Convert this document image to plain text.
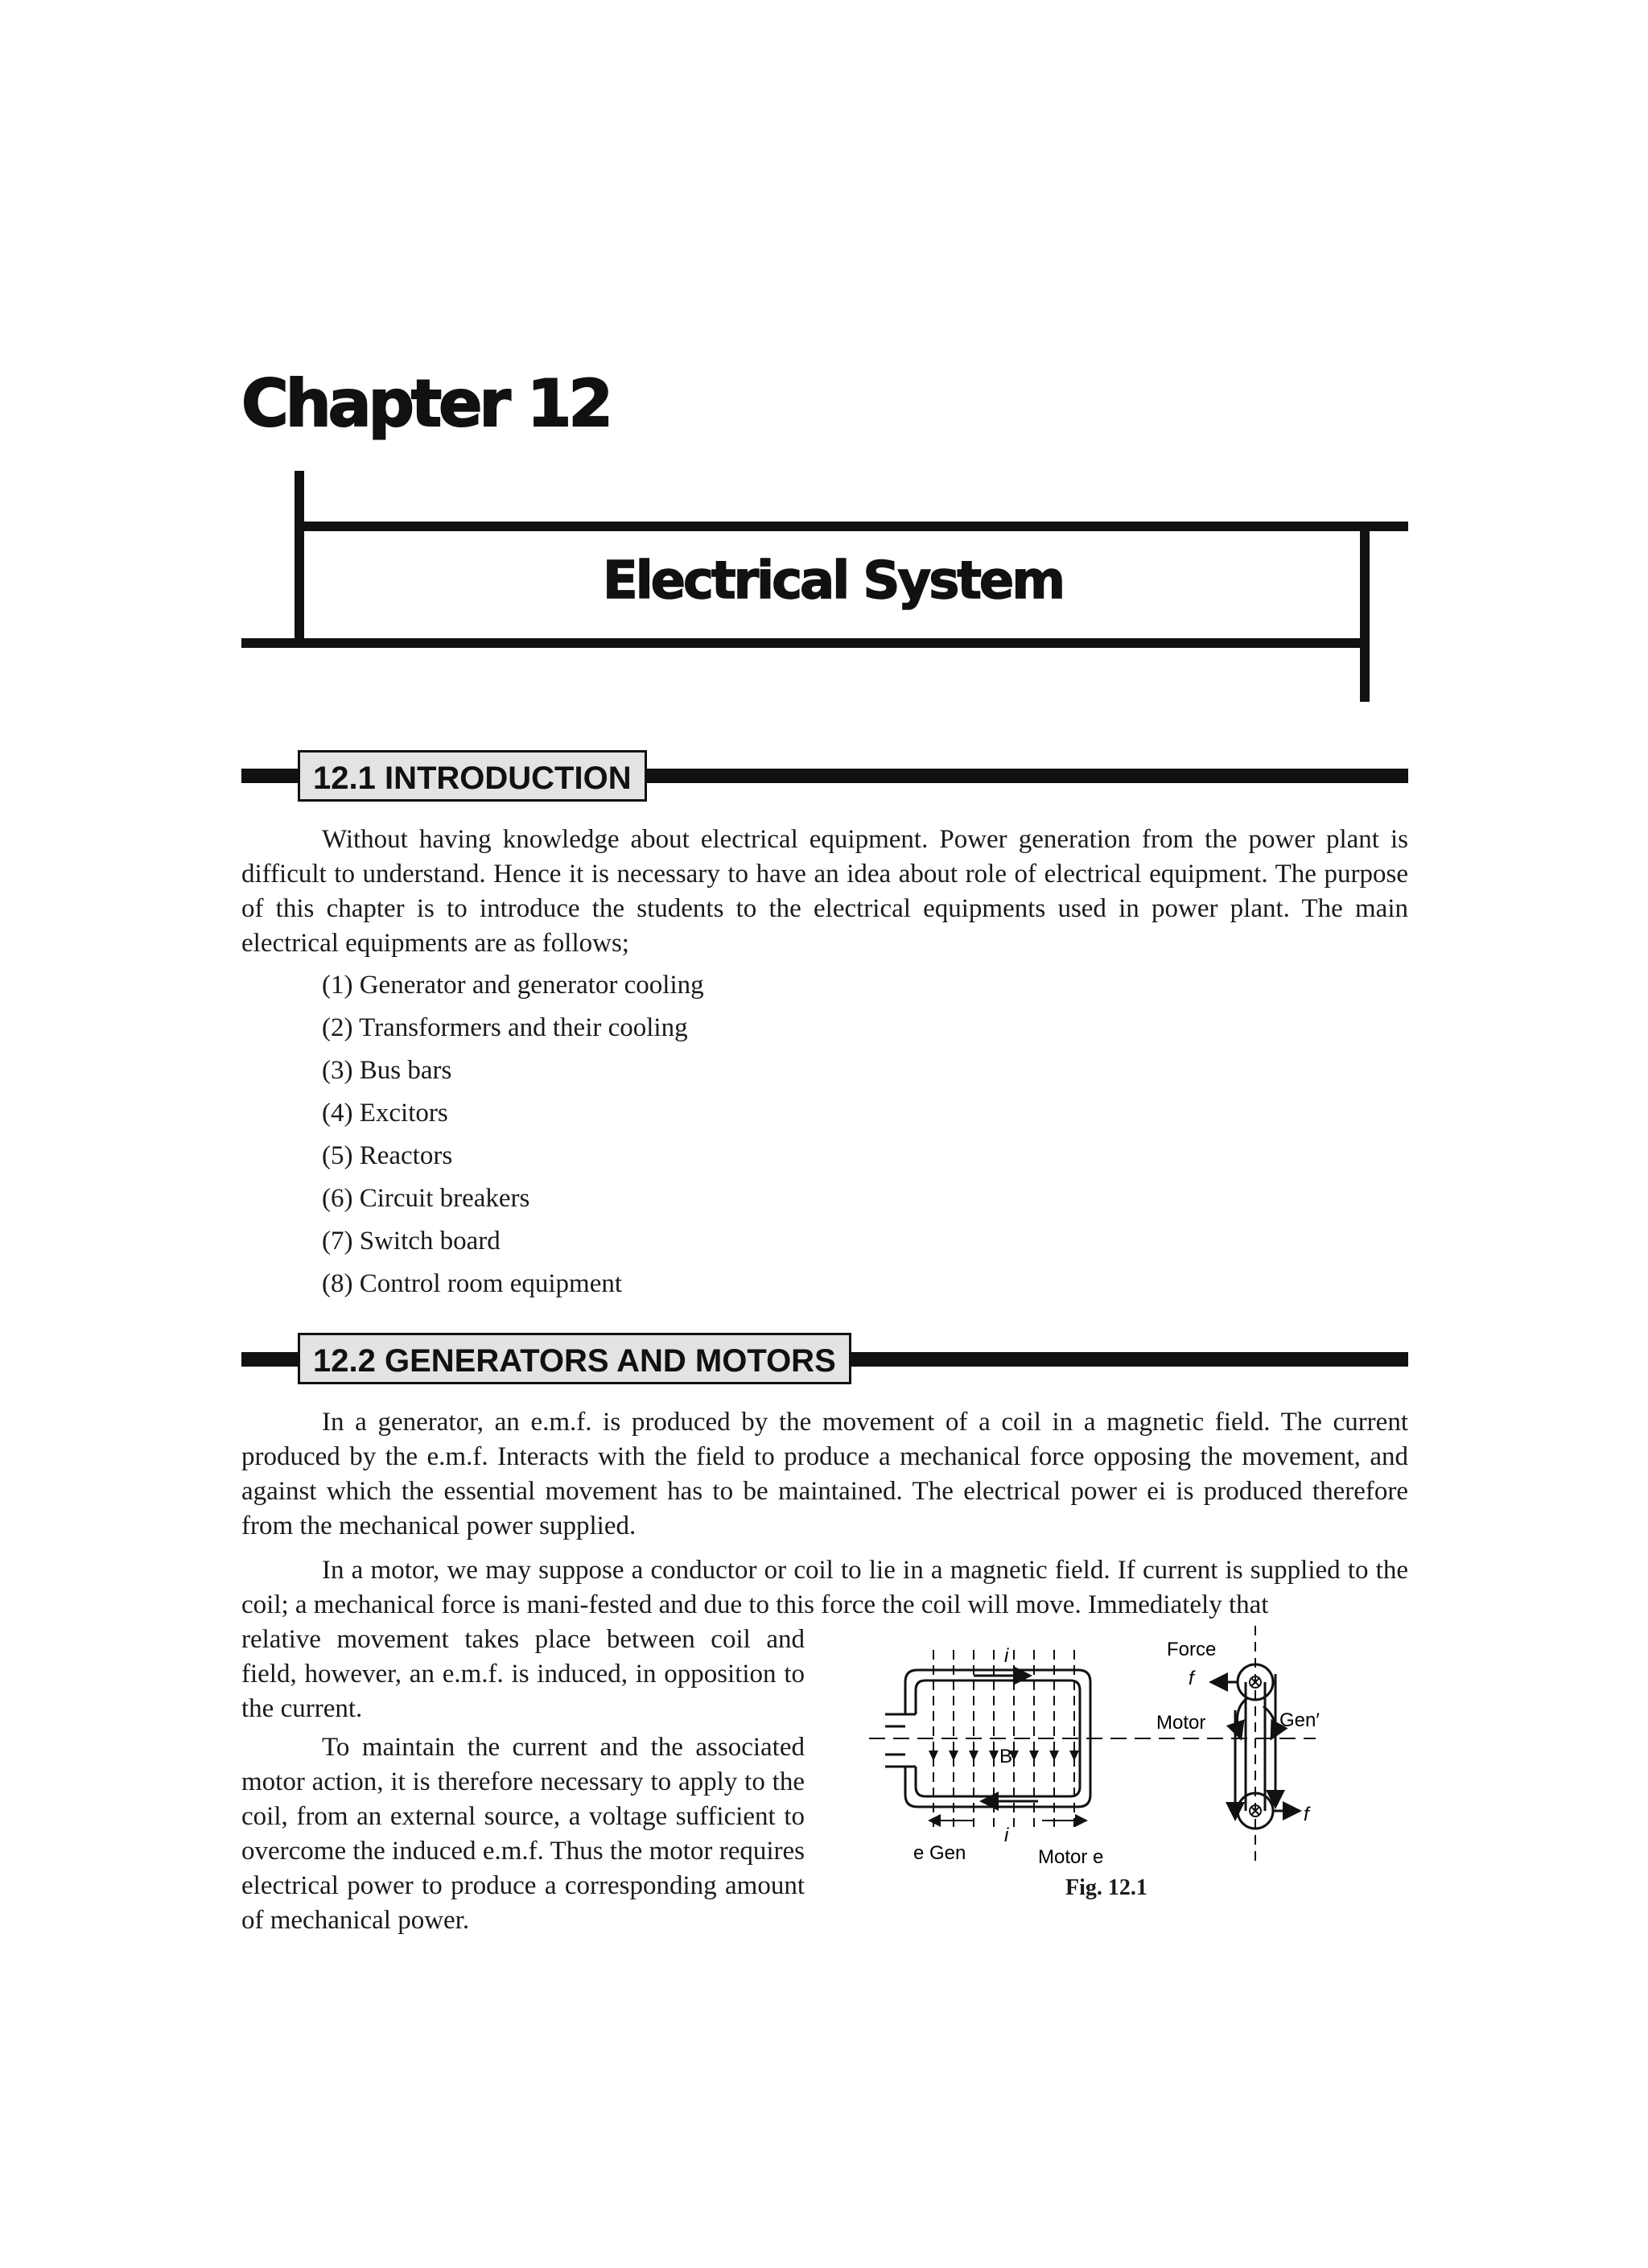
Chapter 12
Electrical System
12.1 INTRODUCTION

Without having knowledge about electrical equipment. Power generation from the power plant is difficult to understand. Hence it is necessary to have an idea about role of electrical equipment. The purpose of this chapter is to introduce the students to the electrical equipments used in power plant. The main electrical equipments are as follows;

(1) Generator and generator cooling
(2) Transformers and their cooling
(3) Bus bars
(4) Excitors
(5) Reactors
(6) Circuit breakers
(7) Switch board
(8) Control room equipment
12.2 GENERATORS AND MOTORS

In a generator, an e.m.f. is produced by the movement of a coil in a magnetic field. The current produced by the e.m.f. Interacts with the field to produce a mechanical force opposing the movement, and against which the essential movement has to be maintained. The electrical power ei is produced therefore from the mechanical power supplied.

In a motor, we may suppose a conductor or coil to lie in a magnetic field. If current is supplied to the coil; a mechanical force is mani-fested and due to this force the coil will move. Immediately that

relative movement takes place between coil and field, however, an e.m.f. is induced, in opposition to the current.

To maintain the current and the associated motor action, it is therefore necessary to apply to the coil, from an external source, a voltage sufficient to overcome the induced e.m.f. Thus the motor requires electrical power to produce a corresponding amount of mechanical power.

i
B
i
e Gen	Motor e
Force
f
Motor	Gen′
f
Fig. 12.1
